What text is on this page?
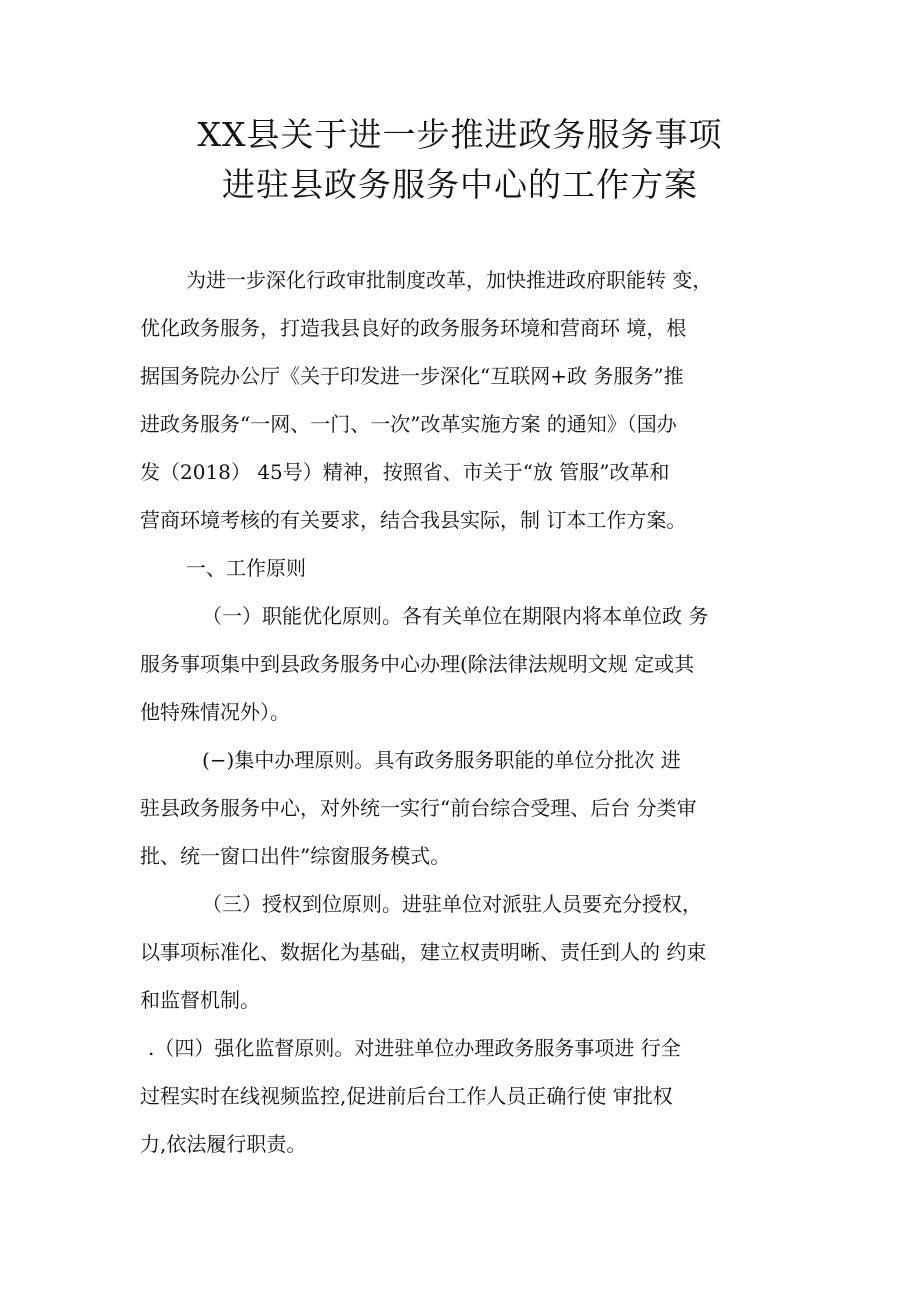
XX县关于进一步推进政务服务事项
进驻县政务服务中心的工作方案

为进一步深化行政审批制度改革，加快推进政府职能转 变，
优化政务服务，打造我县良好的政务服务环境和营商环 境，根
据国务院办公厅《关于印发进一步深化“互联网+政 务服务”推
进政务服务“一网、一门、一次”改革实施方案 的通知》（国办
发（2018） 45号）精神，按照省、市关于“放 管服”改革和
营商环境考核的有关要求，结合我县实际，制 订本工作方案。

一、工作原则

（一）职能优化原则。各有关单位在期限内将本单位政 务
服务事项集中到县政务服务中心办理(除法律法规明文规 定或其
他特殊情况外）。

(−)集中办理原则。具有政务服务职能的单位分批次 进
驻县政务服务中心，对外统一实行“前台综合受理、后台 分类审
批、统一窗口出件”综窗服务模式。

（三）授权到位原则。进驻单位对派驻人员要充分授权，
以事项标准化、数据化为基础，建立权责明晰、责任到人的 约束
和监督机制。

.（四）强化监督原则。对进驻单位办理政务服务事项进 行全
过程实时在线视频监控,促进前后台工作人员正确行使 审批权
力,依法履行职责。
